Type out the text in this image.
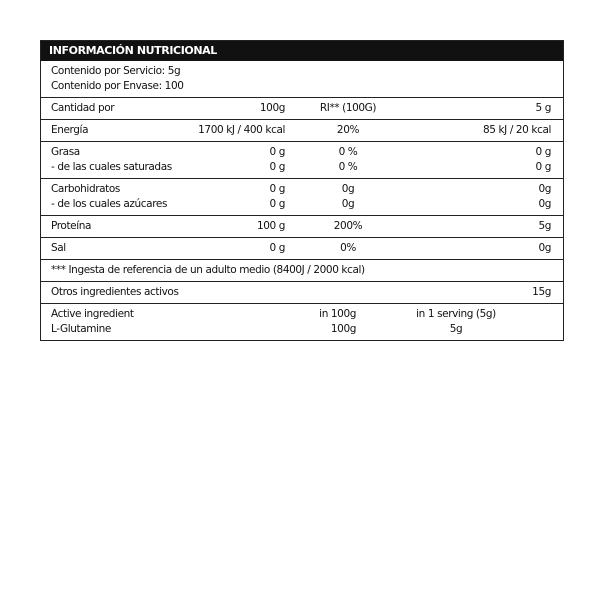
INFORMACIÓN NUTRICIONAL
Contenido por Servicio: 5g
Contenido por Envase: 100
Cantidad por	100g	RI** (100G)	5 g
Energía	1700 kJ / 400 kcal	20%	85 kJ / 20 kcal
Grasa	0 g	0 %	0 g
- de las cuales saturadas	0 g	0 %	0 g
Carbohidratos	0 g	0g	0g
- de los cuales azúcares	0 g	0g	0g
Proteína	100 g	200%	5g
Sal	0 g	0%	0g
*** Ingesta de referencia de un adulto medio (8400J / 2000 kcal)
Otros ingredientes activos	15g
Active ingredient	in 100g	in 1 serving (5g)
L-Glutamine	100g	5g
